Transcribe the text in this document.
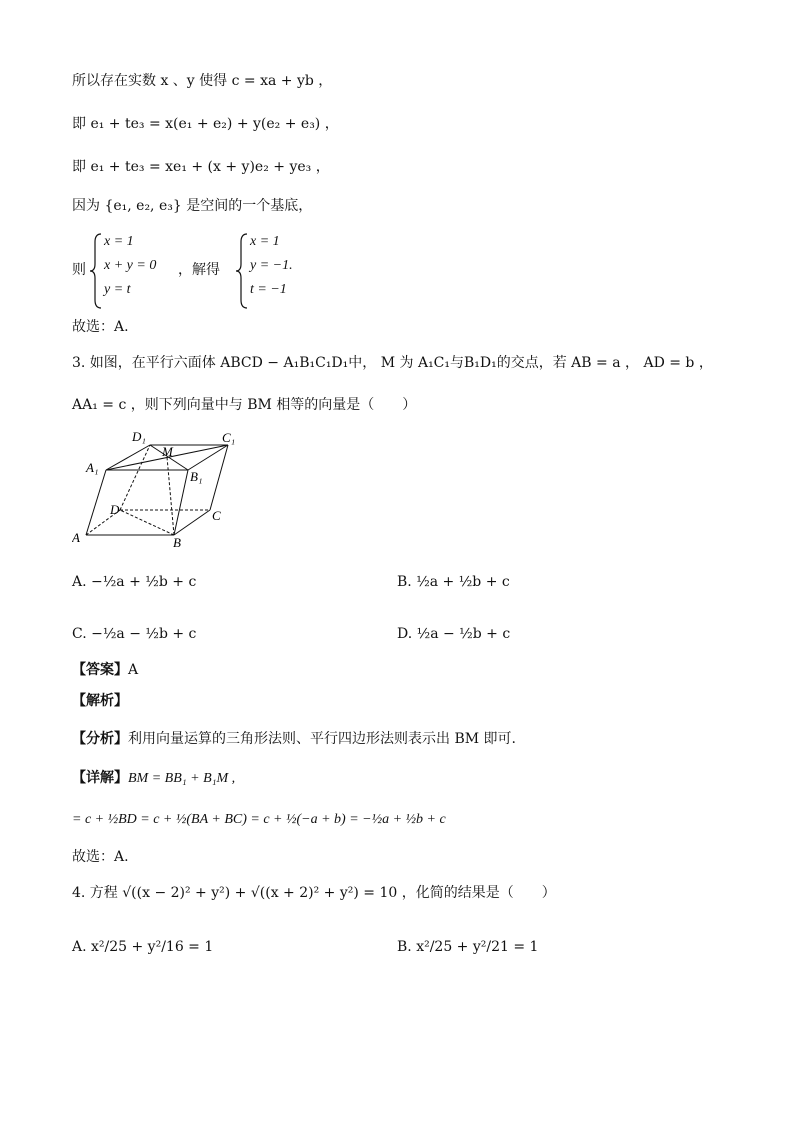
所以存在实数 x 、y 使得 c = xa + yb ，
即 e₁ + te₃ = x(e₁ + e₂) + y(e₂ + e₃) ，
即 e₁ + te₃ = xe₁ + (x + y)e₂ + ye₃ ，
因为 {e₁, e₂, e₃} 是空间的一个基底，
则
x = 1
x + y = 0
y = t
，解得
x = 1
y = −1.
t = −1
故选：A.
3. 如图，在平行六面体 ABCD − A₁B₁C₁D₁中， M 为 A₁C₁与B₁D₁的交点，若 AB = a ， AD = b ，
AA₁ = c ，则下列向量中与 BM 相等的向量是（　　）
D₁	C₁
A₁
M
B₁
D	C
A	B
A. −½a + ½b + c	B. ½a + ½b + c
C. −½a − ½b + c	D. ½a − ½b + c
【答案】A
【解析】
【分析】利用向量运算的三角形法则、平行四边形法则表示出 BM 即可.
【详解】BM = BB₁ + B₁M ,
= c + ½BD = c + ½(BA + BC) = c + ½(−a + b) = −½a + ½b + c
故选：A.
4. 方程 √((x − 2)² + y²) + √((x + 2)² + y²) = 10 ，化简的结果是（　　）
A. x²/25 + y²/16 = 1	B. x²/25 + y²/21 = 1
